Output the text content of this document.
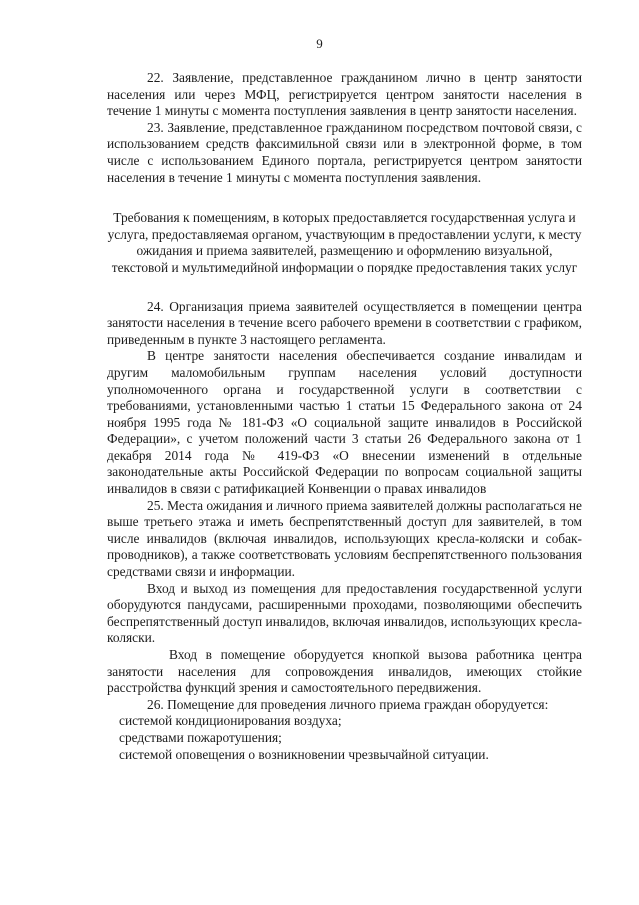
9

22. Заявление, представленное гражданином лично в центр занятости населения или через МФЦ, регистрируется центром занятости населения в течение 1 минуты с момента поступления заявления в центр занятости населения.

23. Заявление, представленное гражданином посредством почтовой связи, с использованием средств факсимильной связи или в электронной форме, в том числе с использованием Единого портала, регистрируется центром занятости населения в течение 1 минуты с момента поступления заявления.

Требования к помещениям, в которых предоставляется государственная услуга и услуга, предоставляемая органом, участвующим в предоставлении услуги, к месту ожидания и приема заявителей, размещению и оформлению визуальной, текстовой и мультимедийной информации о порядке предоставления таких услуг

24. Организация приема заявителей осуществляется в помещении центра занятости населения в течение всего рабочего времени в соответствии с графиком, приведенным в пункте 3 настоящего регламента.

В центре занятости населения обеспечивается создание инвалидам и другим маломобильным группам населения условий доступности уполномоченного органа и государственной услуги в соответствии с требованиями, установленными частью 1 статьи 15 Федерального закона от 24 ноября 1995 года № 181-ФЗ «О социальной защите инвалидов в Российской Федерации», с учетом положений части 3 статьи 26 Федерального закона от 1 декабря 2014 года № 419-ФЗ «О внесении изменений в отдельные законодательные акты Российской Федерации по вопросам социальной защиты инвалидов в связи с ратификацией Конвенции о правах инвалидов

25. Места ожидания и личного приема заявителей должны располагаться не выше третьего этажа и иметь беспрепятственный доступ для заявителей, в том числе инвалидов (включая инвалидов, использующих кресла-коляски и собак-проводников), а также соответствовать условиям беспрепятственного пользования средствами связи и информации.

Вход и выход из помещения для предоставления государственной услуги оборудуются пандусами, расширенными проходами, позволяющими обеспечить беспрепятственный доступ инвалидов, включая инвалидов, использующих кресла-коляски.

Вход в помещение оборудуется кнопкой вызова работника центра занятости населения для сопровождения инвалидов, имеющих стойкие расстройства функций зрения и самостоятельного передвижения.

26. Помещение для проведения личного приема граждан оборудуется:

системой кондиционирования воздуха;

средствами пожаротушения;

системой оповещения о возникновении чрезвычайной ситуации.
